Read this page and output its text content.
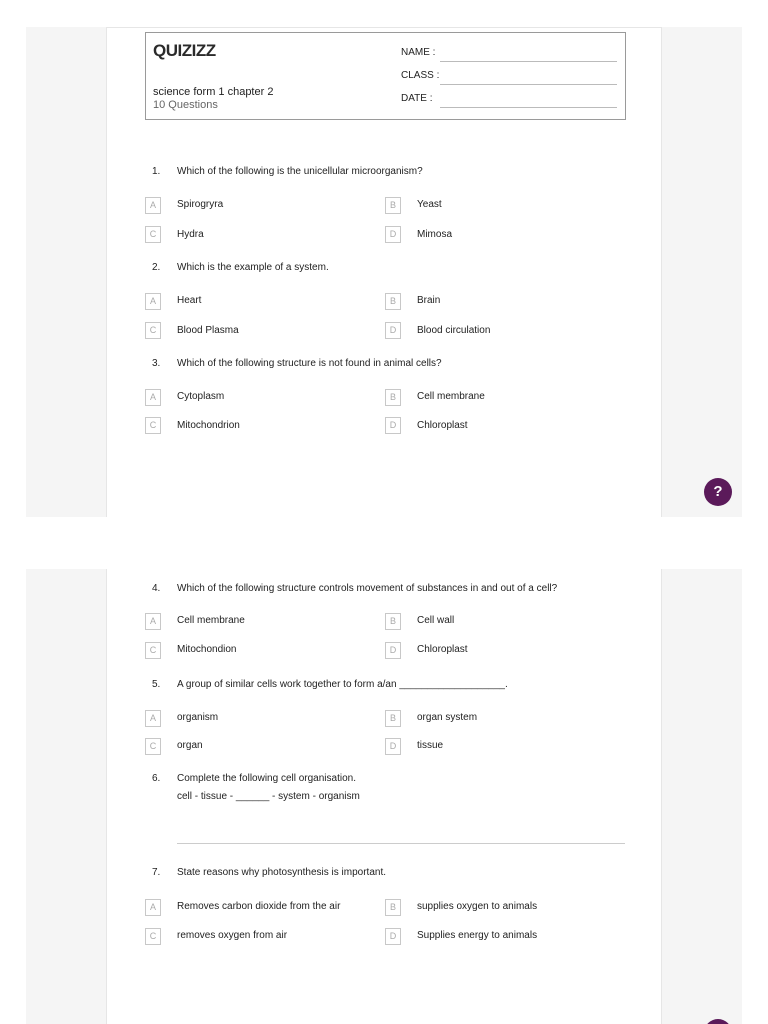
QUIZIZZ
science form 1 chapter 2
10 Questions
NAME :
CLASS :
DATE :
1.	Which of the following is the unicellular microorganism?
A	Spirogryra	B	Yeast
C	Hydra	D	Mimosa
2.	Which is the example of a system.
A	Heart	B	Brain
C	Blood Plasma	D	Blood circulation
3.	Which of the following structure is not found in animal cells?
A	Cytoplasm	B	Cell membrane
C	Mitochondrion	D	Chloroplast
?
4.	Which of the following structure controls movement of substances in and out of a cell?
A	Cell membrane	B	Cell wall
C	Mitochondion	D	Chloroplast
5.	A group of similar cells work together to form a/an ___________________.
A	organism	B	organ system
C	organ	D	tissue
6.	Complete the following cell organisation.
cell - tissue - ______ - system - organism
7.	State reasons why photosynthesis is important.
A	Removes carbon dioxide from the air	B	supplies oxygen to animals
C	removes oxygen from air	D	Supplies energy to animals
